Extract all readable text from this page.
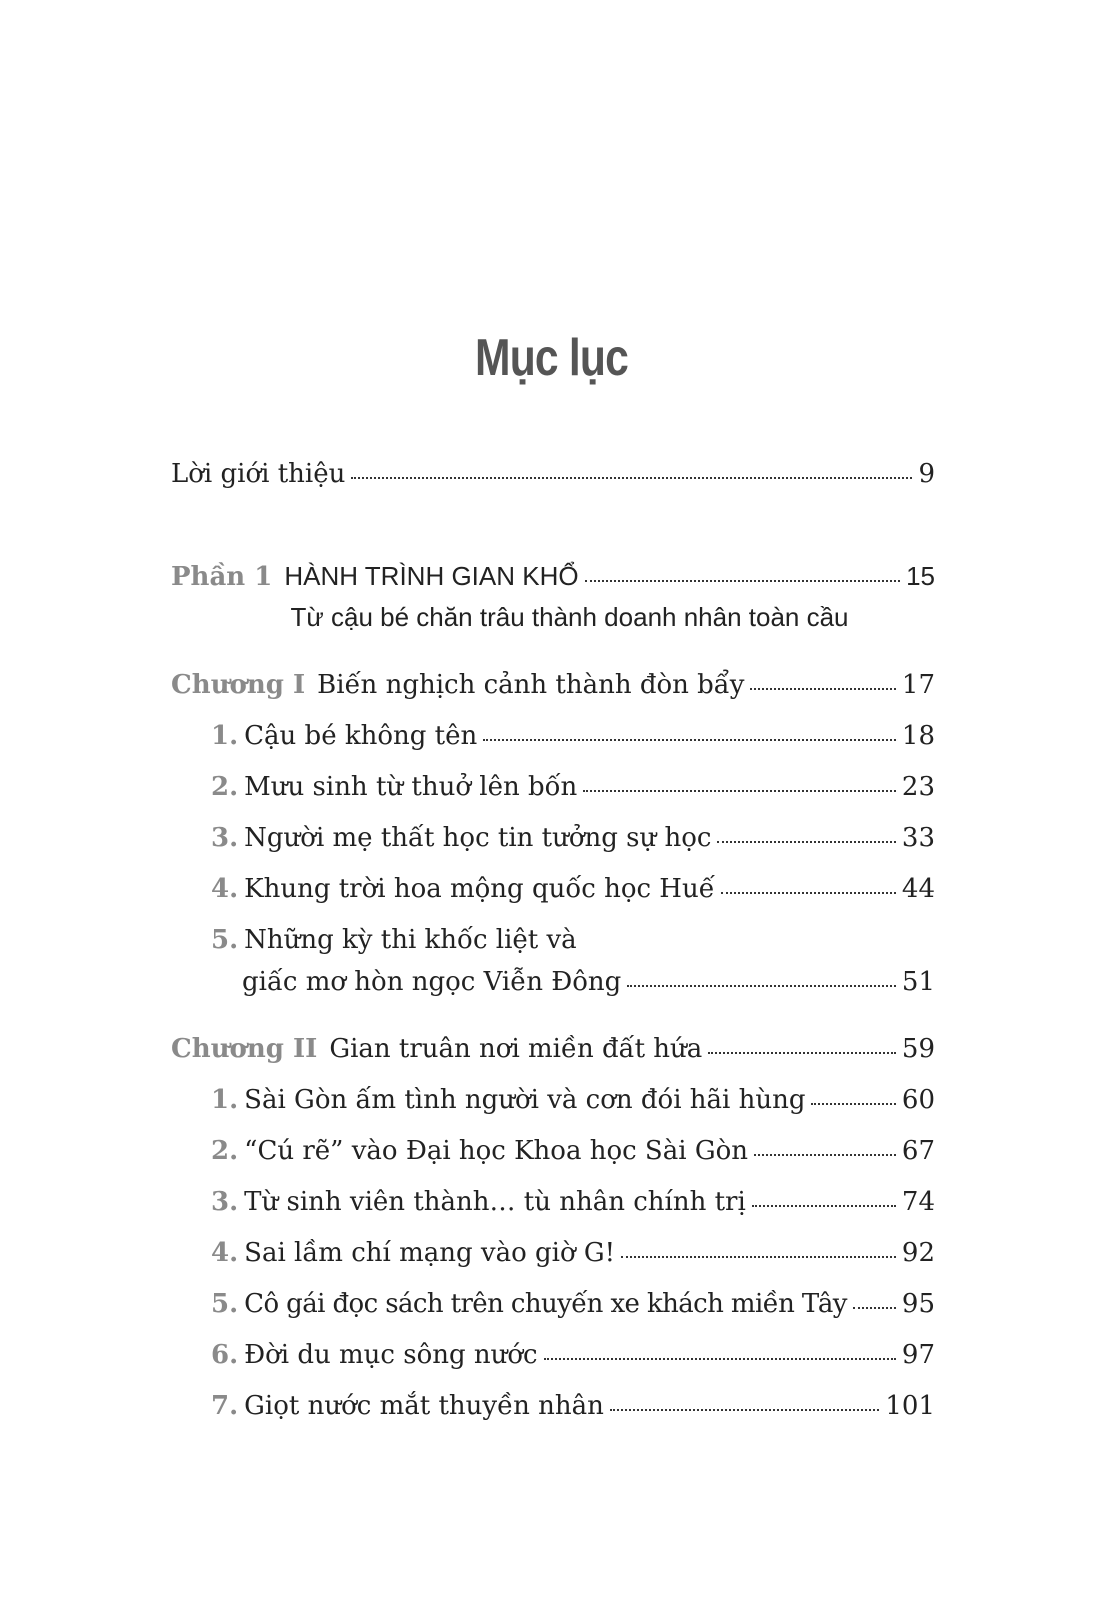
Mục lục
Lời giới thiệu	9
Phần 1 HÀNH TRÌNH GIAN KHỔ	15
Từ cậu bé chăn trâu thành doanh nhân toàn cầu
Chương I Biến nghịch cảnh thành đòn bẩy	17
1. Cậu bé không tên	18
2. Mưu sinh từ thuở lên bốn	23
3. Người mẹ thất học tin tưởng sự học	33
4. Khung trời hoa mộng quốc học Huế	44
5. Những kỳ thi khốc liệt và
giấc mơ hòn ngọc Viễn Đông	51
Chương II Gian truân nơi miền đất hứa	59
1. Sài Gòn ấm tình người và cơn đói hãi hùng	60
2. “Cú rẽ” vào Đại học Khoa học Sài Gòn	67
3. Từ sinh viên thành… tù nhân chính trị	74
4. Sai lầm chí mạng vào giờ G!	92
5. Cô gái đọc sách trên chuyến xe khách miền Tây 95
6. Đời du mục sông nước	97
7. Giọt nước mắt thuyền nhân	101
